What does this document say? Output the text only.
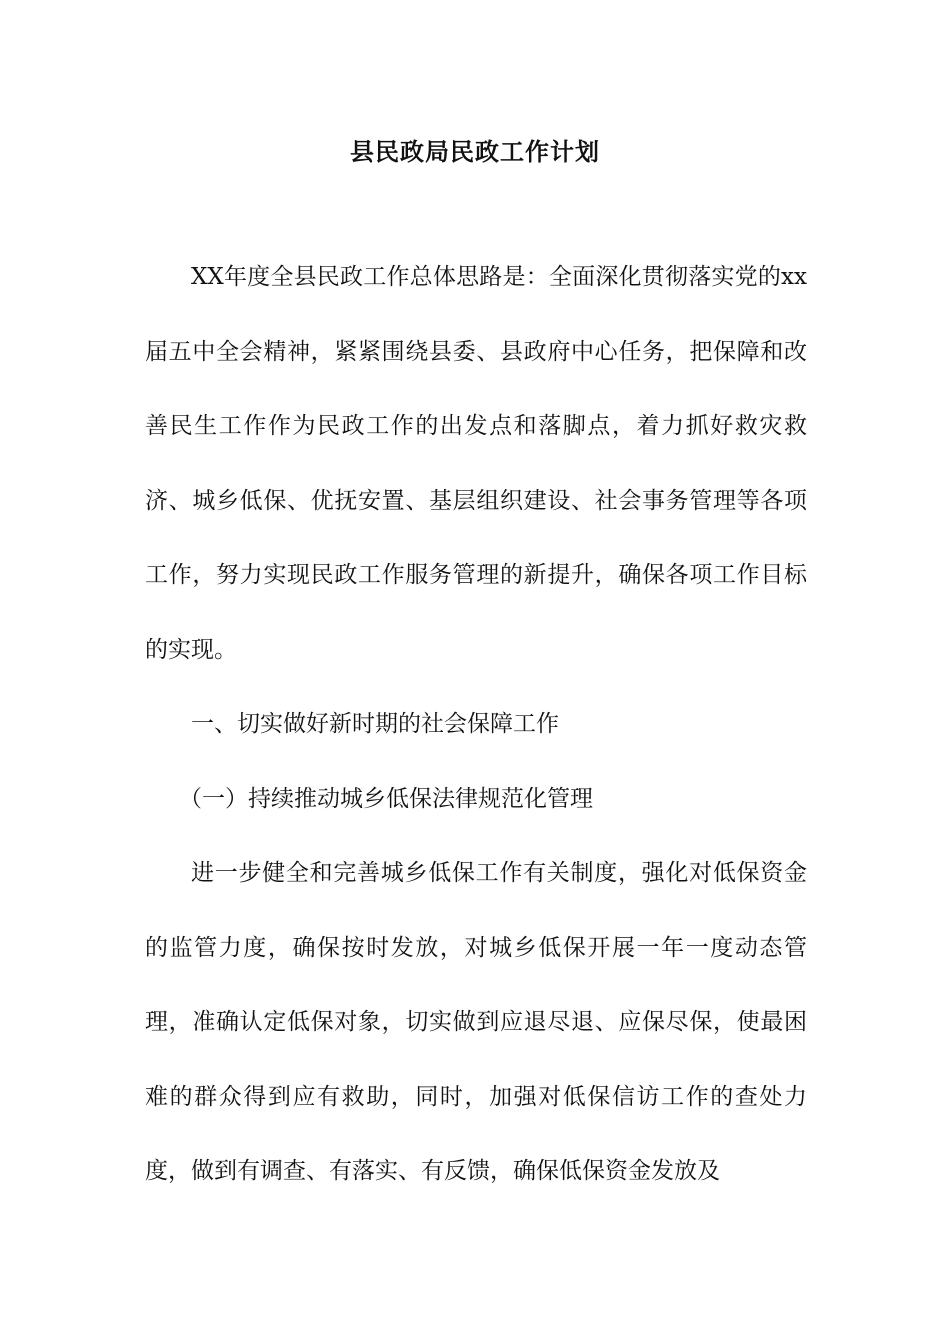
县民政局民政工作计划

XX年度全县民政工作总体思路是：全面深化贯彻落实党的xx届五中全会精神，紧紧围绕县委、县政府中心任务，把保障和改善民生工作作为民政工作的出发点和落脚点，着力抓好救灾救济、城乡低保、优抚安置、基层组织建设、社会事务管理等各项工作，努力实现民政工作服务管理的新提升，确保各项工作目标的实现。

一、切实做好新时期的社会保障工作

（一）持续推动城乡低保法律规范化管理

进一步健全和完善城乡低保工作有关制度，强化对低保资金的监管力度，确保按时发放，对城乡低保开展一年一度动态管理，准确认定低保对象，切实做到应退尽退、应保尽保，使最困难的群众得到应有救助，同时，加强对低保信访工作的查处力度，做到有调查、有落实、有反馈，确保低保资金发放及
